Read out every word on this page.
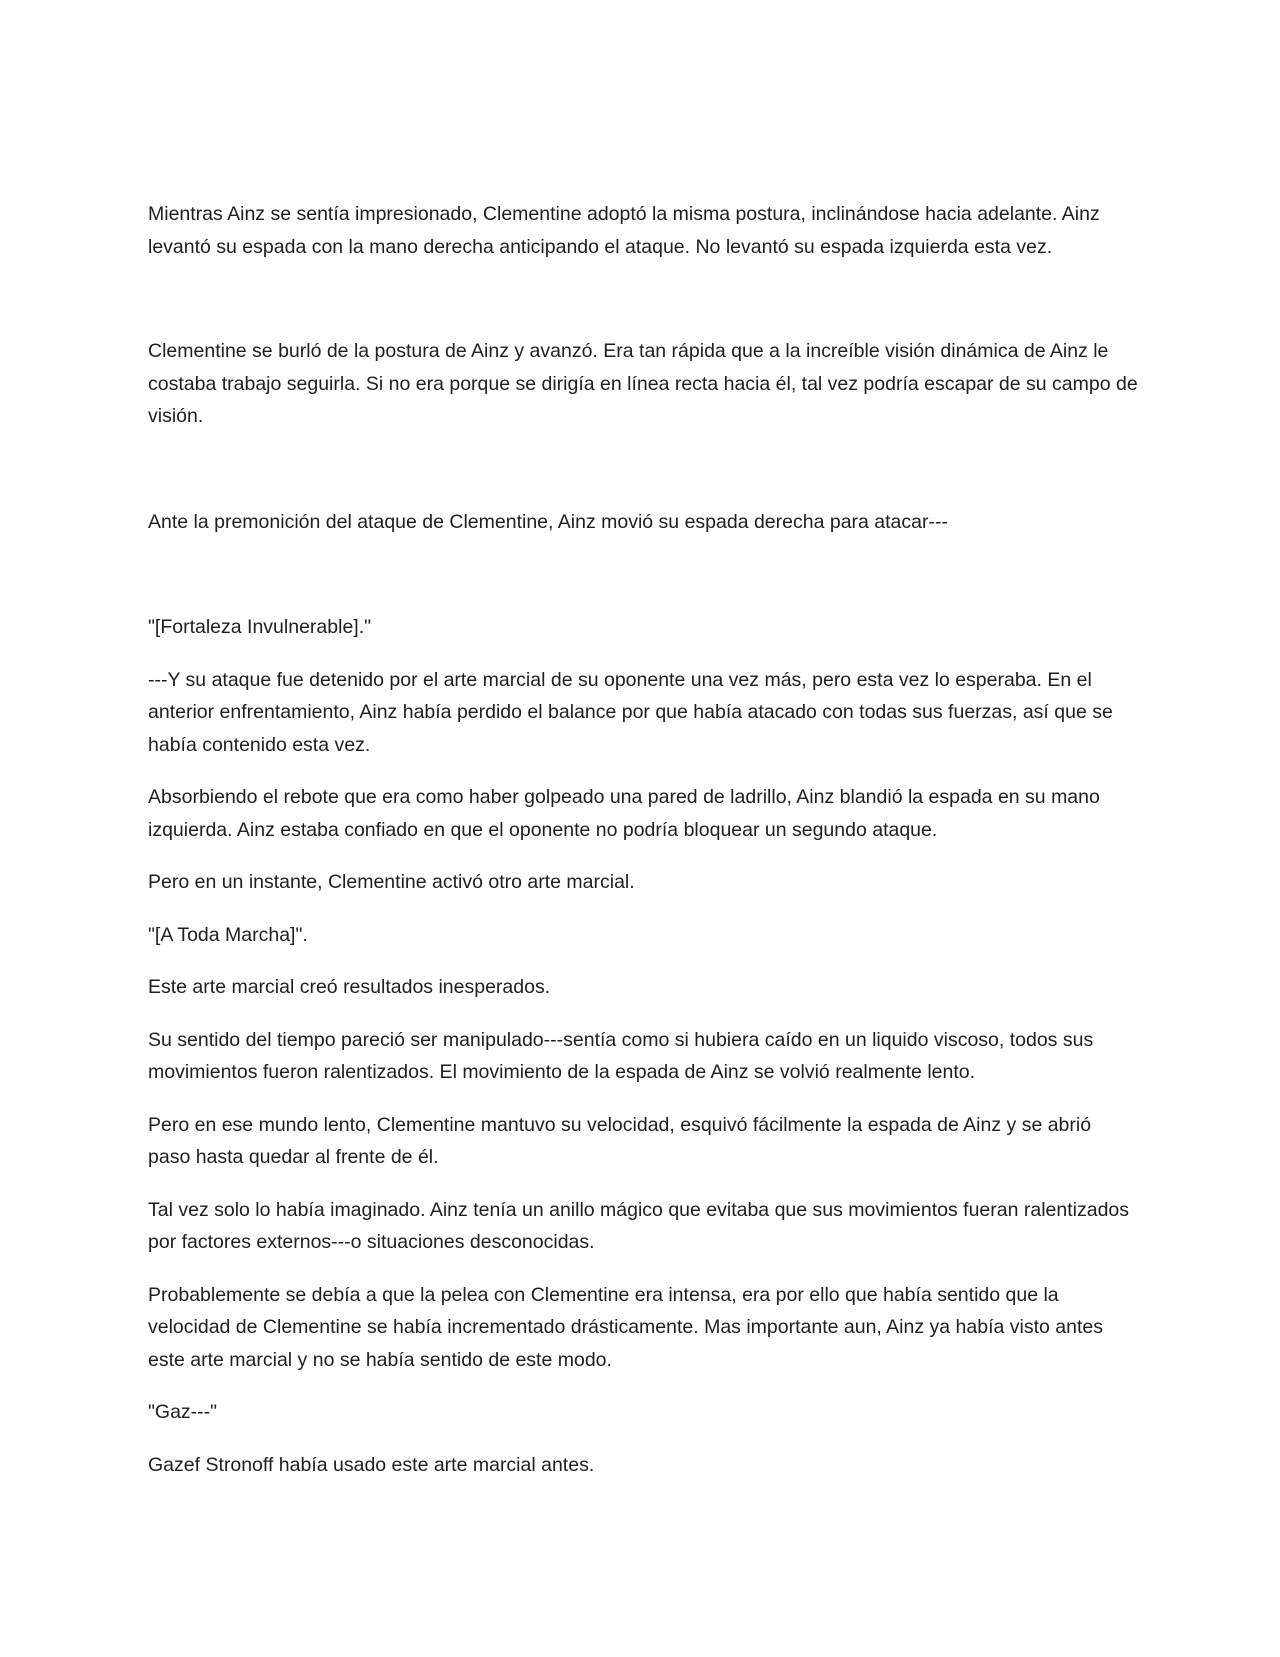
Mientras Ainz se sentía impresionado, Clementine adoptó la misma postura, inclinándose hacia adelante. Ainz levantó su espada con la mano derecha anticipando el ataque. No levantó su espada izquierda esta vez.

Clementine se burló de la postura de Ainz y avanzó. Era tan rápida que a la increíble visión dinámica de Ainz le costaba trabajo seguirla. Si no era porque se dirigía en línea recta hacia él, tal vez podría escapar de su campo de visión.

Ante la premonición del ataque de Clementine, Ainz movió su espada derecha para atacar---

"[Fortaleza Invulnerable]."

---Y su ataque fue detenido por el arte marcial de su oponente una vez más, pero esta vez lo esperaba. En el anterior enfrentamiento, Ainz había perdido el balance por que había atacado con todas sus fuerzas, así que se había contenido esta vez.

Absorbiendo el rebote que era como haber golpeado una pared de ladrillo, Ainz blandió la espada en su mano izquierda. Ainz estaba confiado en que el oponente no podría bloquear un segundo ataque.

Pero en un instante, Clementine activó otro arte marcial.

"[A Toda Marcha]".

Este arte marcial creó resultados inesperados.

Su sentido del tiempo pareció ser manipulado---sentía como si hubiera caído en un liquido viscoso, todos sus movimientos fueron ralentizados. El movimiento de la espada de Ainz se volvió realmente lento.

Pero en ese mundo lento, Clementine mantuvo su velocidad, esquivó fácilmente la espada de Ainz y se abrió paso hasta quedar al frente de él.

Tal vez solo lo había imaginado. Ainz tenía un anillo mágico que evitaba que sus movimientos fueran ralentizados por factores externos---o situaciones desconocidas.

Probablemente se debía a que la pelea con Clementine era intensa, era por ello que había sentido que la velocidad de Clementine se había incrementado drásticamente. Mas importante aun, Ainz ya había visto antes este arte marcial y no se había sentido de este modo.

"Gaz---"

Gazef Stronoff había usado este arte marcial antes.
